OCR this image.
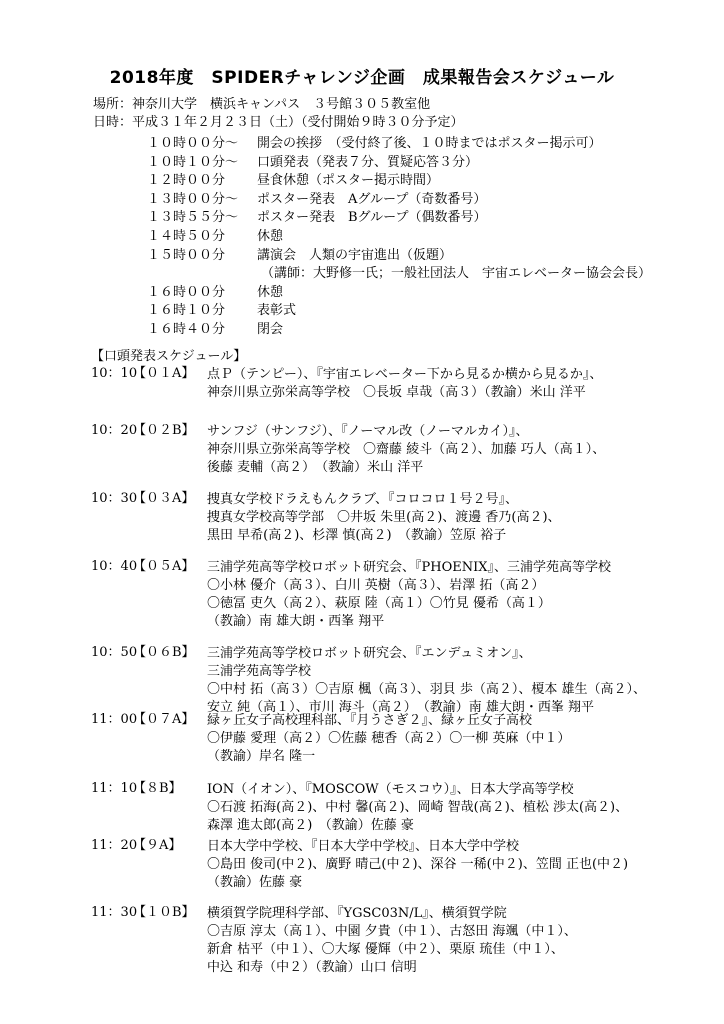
2018年度　SPIDERチャレンジ企画　成果報告会スケジュール
場所：神奈川大学　横浜キャンパス　３号館３０５教室他
日時：平成３１年２月２３日（土）（受付開始９時３０分予定）
１０時００分～ 開会の挨拶　（受付終了後、１０時まではポスター掲示可）
１０時１０分～ 口頭発表（発表７分、質疑応答３分）
１２時００分 昼食休憩（ポスター掲示時間）
１３時００分～ ポスター発表　Aグループ（奇数番号）
１３時５５分～ ポスター発表　Bグループ（偶数番号）
１４時５０分 休憩
１５時００分 講演会　人類の宇宙進出（仮題）
（講師：大野修一氏；一般社団法人　宇宙エレベーター協会会長）
１６時００分 休憩
１６時１０分 表彰式
１６時４０分 閉会
【口頭発表スケジュール】
10：10
【０１A】 点Ｐ（テンピー）、『宇宙エレベーター下から見るか横から見るか』、
神奈川県立弥栄高等学校　〇長坂 卓哉（高３）（教諭）米山 洋平
10：20
【０２B】 サンフジ（サンフジ）、『ノーマル改（ノーマルカイ）』、
神奈川県立弥栄高等学校　〇齋藤 綾斗（高２）、加藤 巧人（高１）、
後藤 麦輔（高２）　（教諭）米山 洋平
10：30
【０３A】 捜真女学校ドラえもんクラブ、『コロコロ１号２号』、
捜真女学校高等学部　〇井坂 朱里(高２)、渡邊 香乃(高２)、
黒田 早希(高２)、杉澤 慎(高２)　（教諭）笠原 裕子
10：40
【０５A】 三浦学苑高等学校ロボット研究会、『PHOENIX』、三浦学苑高等学校
〇小林 優介（高３）、白川 英樹（高３）、岩澤 拓（高２）
〇徳冨 吏久（高２）、萩原 陸（高１）〇竹見 優希（高１）
（教諭）南 雄大朗・西峯 翔平
10：50
【０６B】 三浦学苑高等学校ロボット研究会、『エンデュミオン』、
三浦学苑高等学校
〇中村 拓（高３）〇吉原 楓（高３）、羽貝 歩（高２）、榎本 雄生（高２）、
安立 純（高１）、市川 海斗（高２）　（教諭）南 雄大朗・西峯 翔平
11：00
【０７A】 緑ヶ丘女子高校理科部、『月うさぎ２』、緑ヶ丘女子高校
〇伊藤 愛理（高２）〇佐藤 穂香（高２）〇一柳 英麻（中１）
（教諭）岸名 隆一
11：10
【８B】 ION（イオン）、『MOSCOW（モスコウ）』、日本大学高等学校
〇石渡 拓海(高２)、中村 馨(高２)、岡崎 智哉(高２)、植松 渉太(高２)、
森澤 進太郎(高２)　（教諭）佐藤 豪
11：20
【９A】 日本大学中学校、『日本大学中学校』、日本大学中学校
〇島田 俊司(中２)、廣野 晴己(中２)、深谷 一稀(中２)、笠間 正也(中２)
（教諭）佐藤 豪
11：30
【１０B】 横須賀学院理科学部、『YGSC03N/L』、横須賀学院
〇吉原 淳太（高１）、中園 夕貴（中１）、古怒田 海颯（中１）、
新倉 枯平（中１）、〇大塚 優輝（中２）、栗原 琉佳（中１）、
中込 和寿（中２）（教諭）山口 信明
